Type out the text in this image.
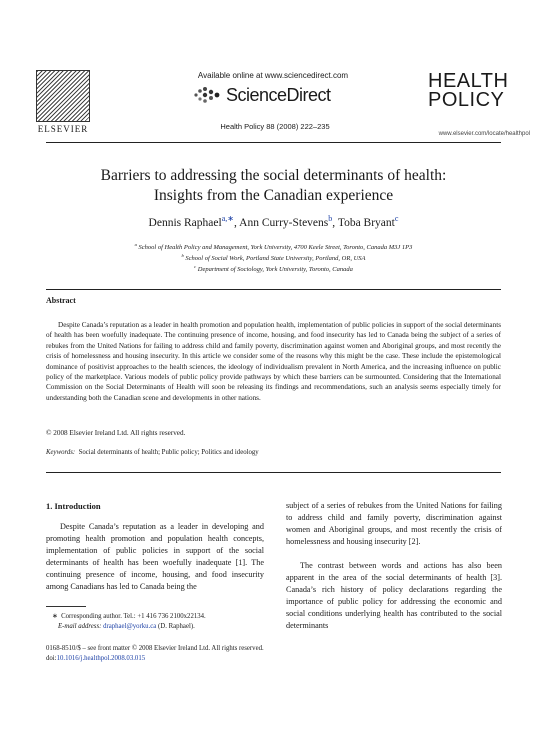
ELSEVIER
Available online at www.sciencedirect.com
ScienceDirect
Health Policy 88 (2008) 222–235
HEALTH
POLICY
www.elsevier.com/locate/healthpol
Barriers to addressing the social determinants of health:
Insights from the Canadian experience
Dennis Raphael$^{a,∗}$, Ann Curry-Stevens$^b$, Toba Bryant$^c$
$^a$ School of Health Policy and Management, York University, 4700 Keele Street, Toronto, Canada M3J 1P3
$^b$ School of Social Work, Portland State University, Portland, OR, USA
$^c$ Department of Sociology, York University, Toronto, Canada
Abstract
Despite Canada’s reputation as a leader in health promotion and population health, implementation of public policies in support of the social determinants of health has been woefully inadequate. The continuing presence of income, housing, and food insecurity has led to Canada being the subject of a series of rebukes from the United Nations for failing to address child and family poverty, discrimination against women and Aboriginal groups, and most recently the crisis of homelessness and housing insecurity. In this article we consider some of the reasons why this might be the case. These include the epistemological dominance of positivist approaches to the health sciences, the ideology of individualism prevalent in North America, and the increasing influence on public policy of the marketplace. Various models of public policy provide pathways by which these barriers can be surmounted. Considering that the International Commission on the Social Determinants of Health will soon be releasing its findings and recommendations, such an analysis seems especially timely for understanding both the Canadian scene and developments in other nations.
© 2008 Elsevier Ireland Ltd. All rights reserved.
Keywords: Social determinants of health; Public policy; Politics and ideology
1. Introduction
Despite Canada’s reputation as a leader in developing and promoting health promotion and population health concepts, implementation of public policies in support of the social determinants of health has been woefully inadequate [1]. The continuing presence of income, housing, and food insecurity among Canadians has led to Canada being the
subject of a series of rebukes from the United Nations for failing to address child and family poverty, discrimination against women and Aboriginal groups, and most recently the crisis of homelessness and housing insecurity [2].
The contrast between words and actions has also been apparent in the area of the social determinants of health [3]. Canada’s rich history of policy declarations regarding the importance of public policy for addressing the economic and social conditions underlying health has contributed to the social determinants
∗ Corresponding author. Tel.: +1 416 736 2100x22134.
E-mail address: draphael@yorku.ca (D. Raphael).
0168-8510/$ – see front matter © 2008 Elsevier Ireland Ltd. All rights reserved.
doi:10.1016/j.healthpol.2008.03.015
